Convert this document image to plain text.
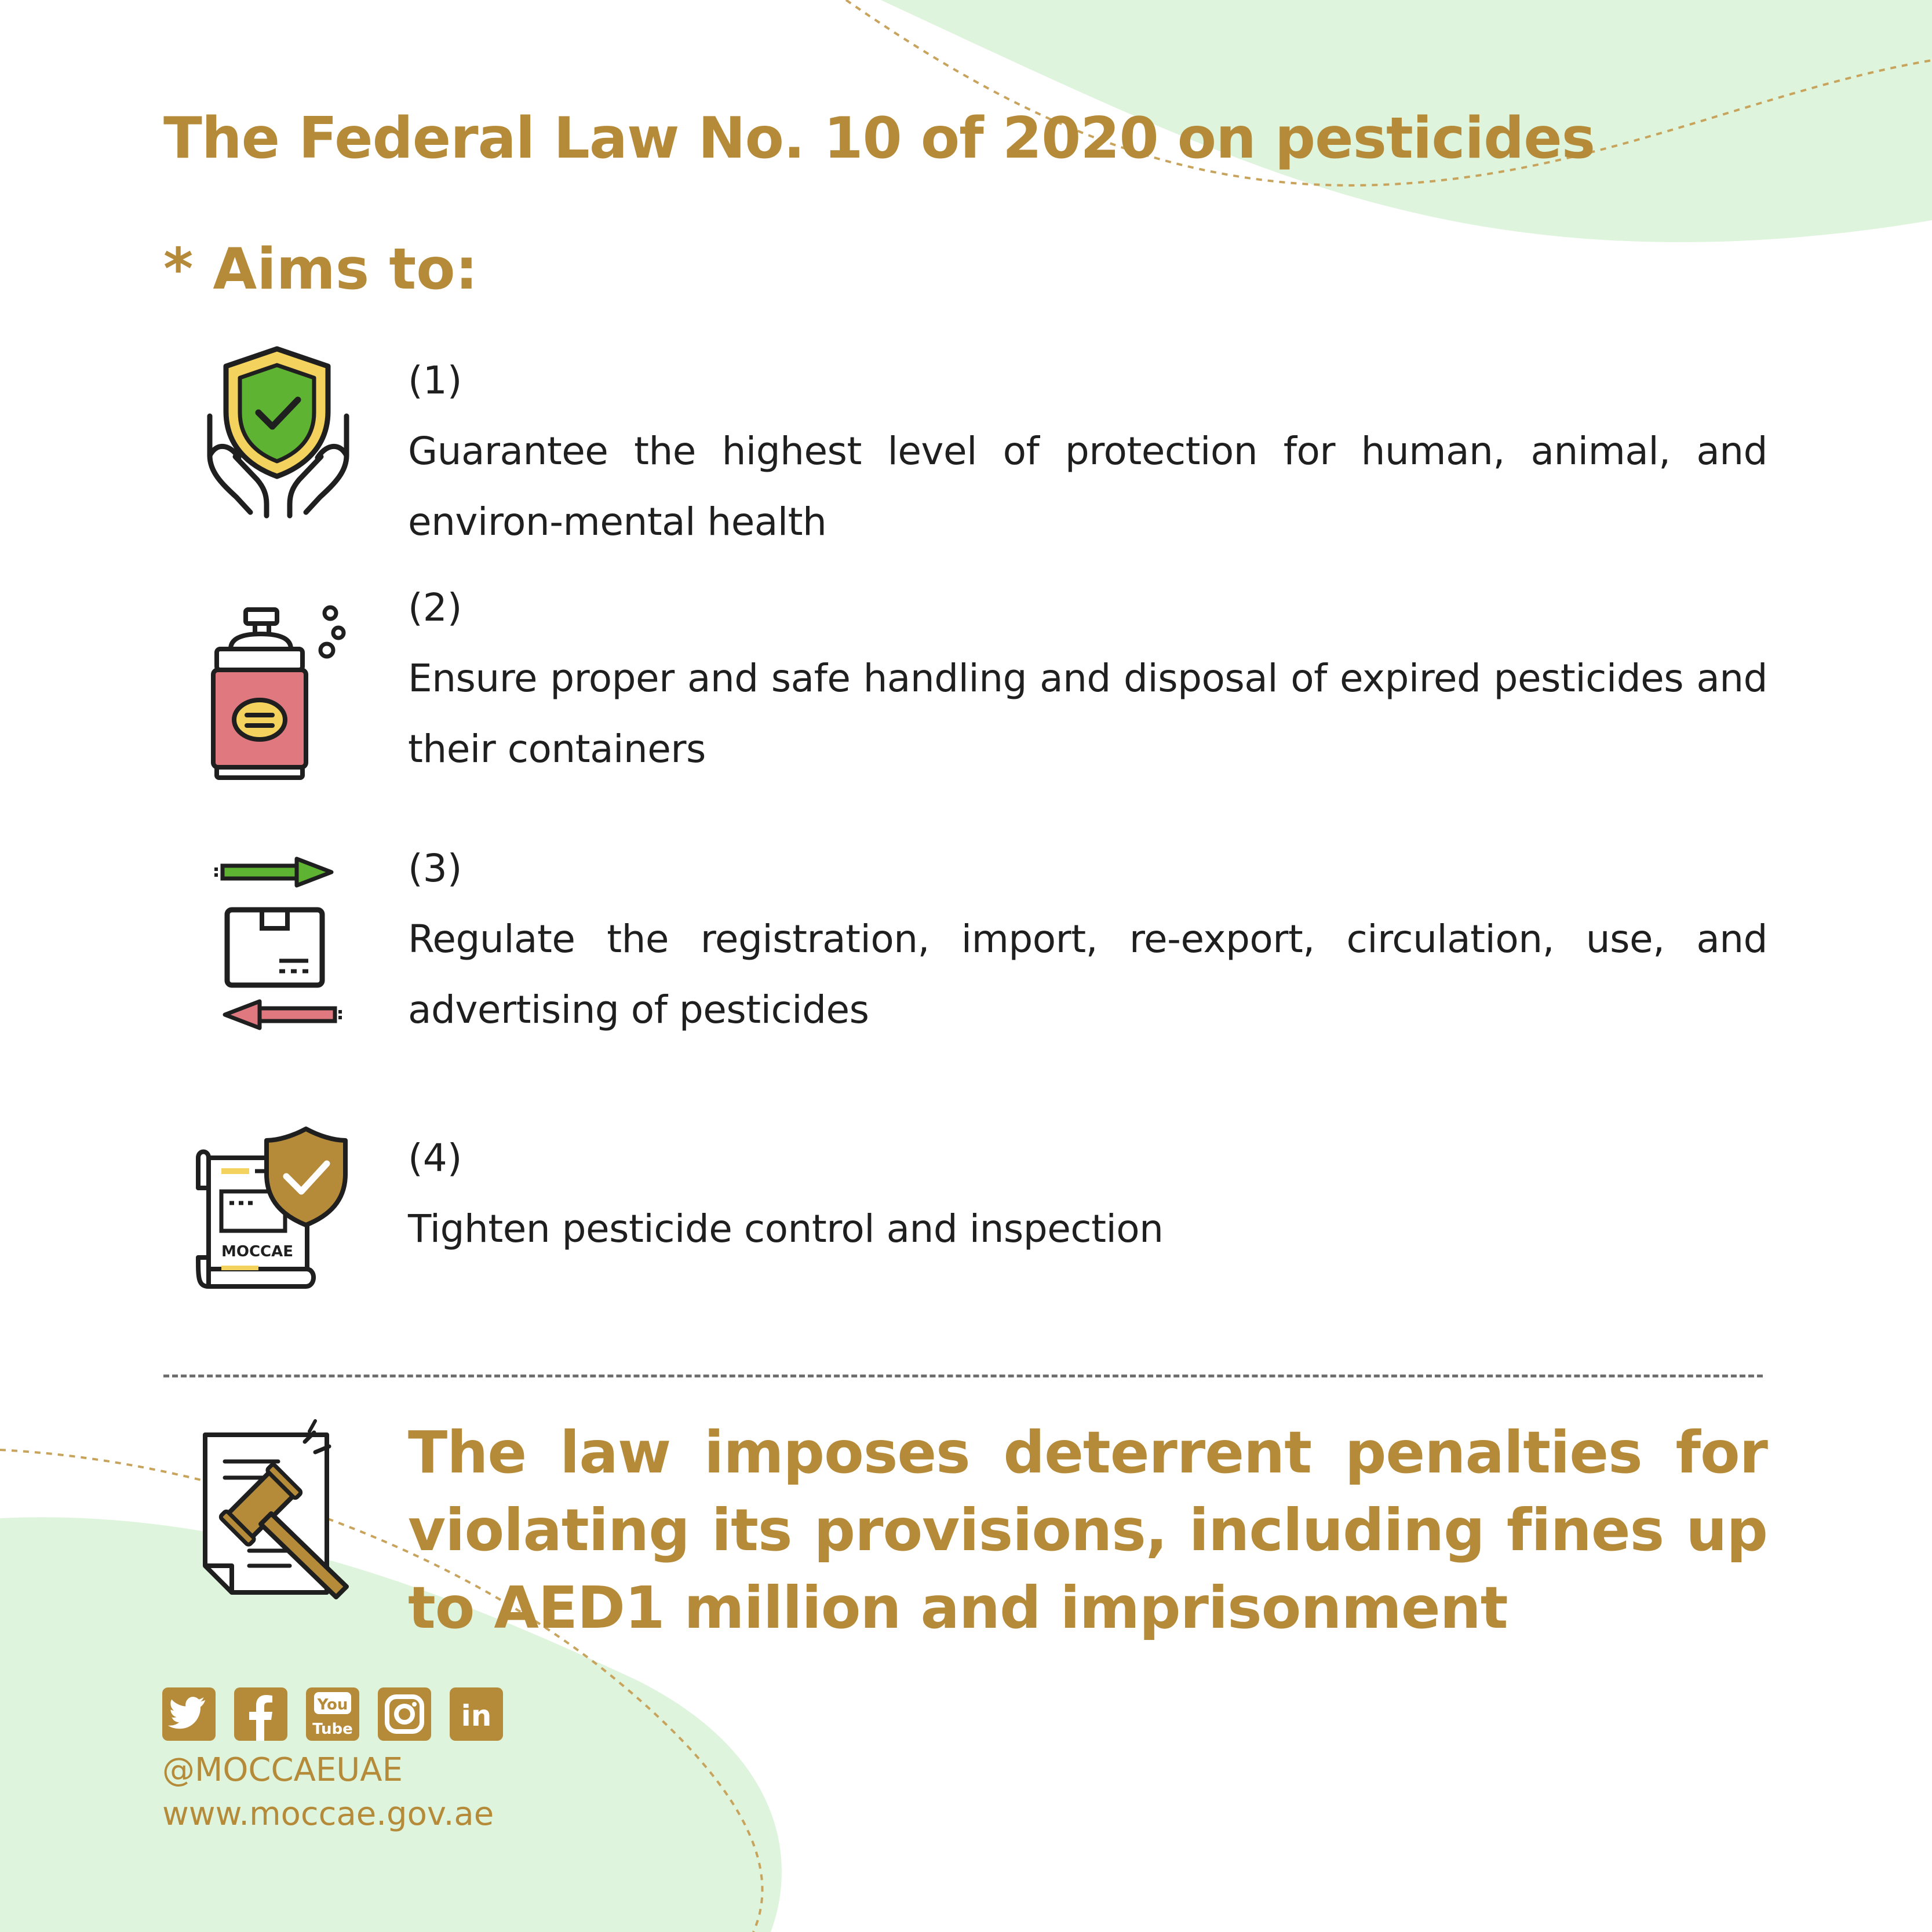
The Federal Law No. 10 of 2020 on pesticides
* Aims to:

(1)

Guarantee the highest level of protection for human, animal, and environ-mental health

(2)

Ensure proper and safe handling and disposal of expired pesticides and their containers

(3)

Regulate the registration, import, re-export, circulation, use, and advertising of pesticides

MOCCAE

(4)

Tighten pesticide control and inspection

The law imposes deterrent penalties for violating its provisions, including fines up to AED1 million and imprisonment

You
Tube	in

@MOCCAEUAE

www.moccae.gov.ae
